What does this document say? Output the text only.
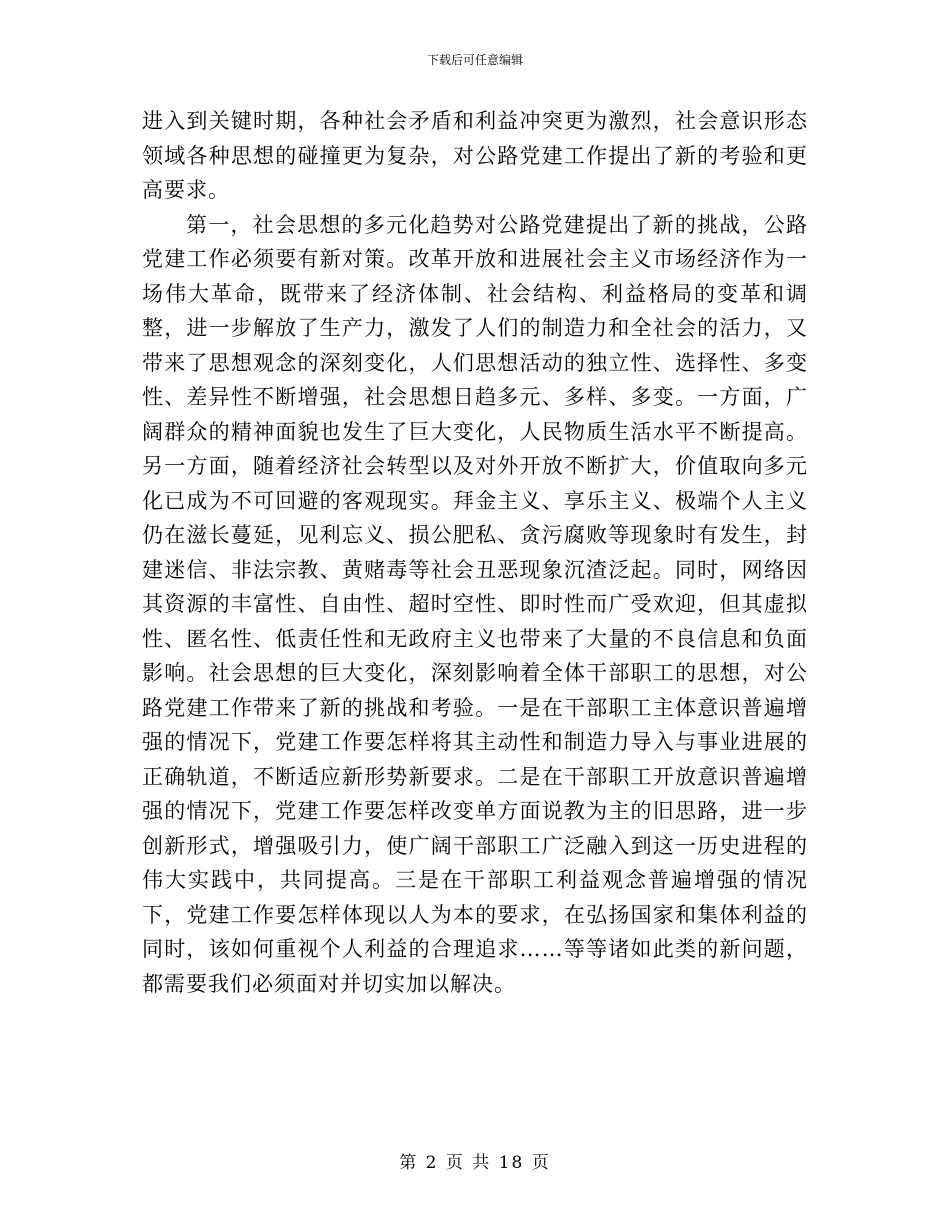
下载后可任意编辑

进入到关键时期，各种社会矛盾和利益冲突更为激烈，社会意识形态领域各种思想的碰撞更为复杂，对公路党建工作提出了新的考验和更高要求。

第一，社会思想的多元化趋势对公路党建提出了新的挑战，公路党建工作必须要有新对策。改革开放和进展社会主义市场经济作为一场伟大革命，既带来了经济体制、社会结构、利益格局的变革和调整，进一步解放了生产力，激发了人们的制造力和全社会的活力，又带来了思想观念的深刻变化，人们思想活动的独立性、选择性、多变性、差异性不断增强，社会思想日趋多元、多样、多变。一方面，广阔群众的精神面貌也发生了巨大变化，人民物质生活水平不断提高。另一方面，随着经济社会转型以及对外开放不断扩大，价值取向多元化已成为不可回避的客观现实。拜金主义、享乐主义、极端个人主义仍在滋长蔓延，见利忘义、损公肥私、贪污腐败等现象时有发生，封建迷信、非法宗教、黄赌毒等社会丑恶现象沉渣泛起。同时，网络因其资源的丰富性、自由性、超时空性、即时性而广受欢迎，但其虚拟性、匿名性、低责任性和无政府主义也带来了大量的不良信息和负面影响。社会思想的巨大变化，深刻影响着全体干部职工的思想，对公路党建工作带来了新的挑战和考验。一是在干部职工主体意识普遍增强的情况下，党建工作要怎样将其主动性和制造力导入与事业进展的正确轨道，不断适应新形势新要求。二是在干部职工开放意识普遍增强的情况下，党建工作要怎样改变单方面说教为主的旧思路，进一步创新形式，增强吸引力，使广阔干部职工广泛融入到这一历史进程的伟大实践中，共同提高。三是在干部职工利益观念普遍增强的情况下，党建工作要怎样体现以人为本的要求，在弘扬国家和集体利益的同时，该如何重视个人利益的合理追求……等等诸如此类的新问题，都需要我们必须面对并切实加以解决。

第 2 页 共 18 页
